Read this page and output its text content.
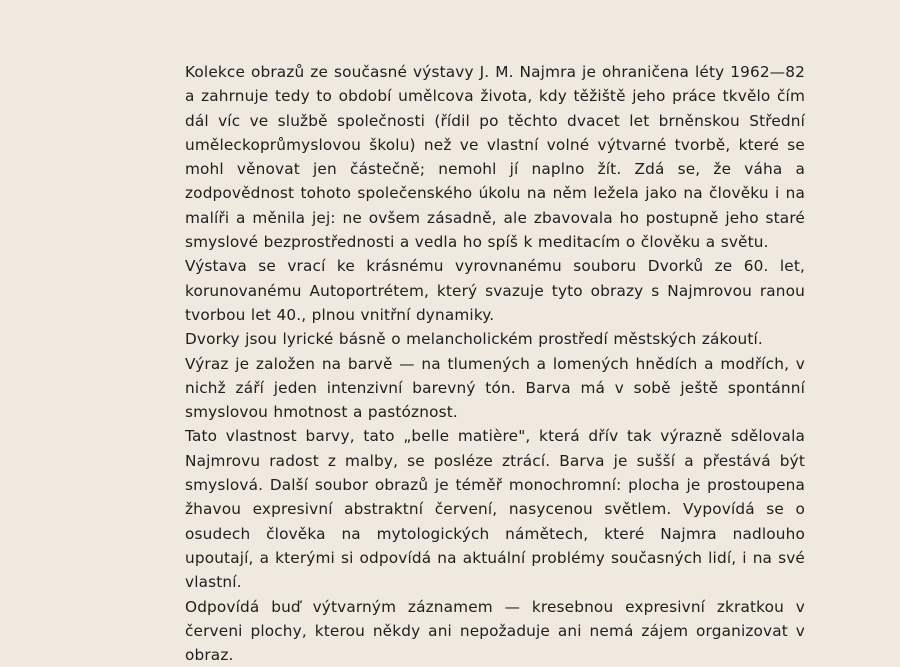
Kolekce obrazů ze současné výstavy J. M. Najmra je ohraničena léty 1962—82 a zahrnuje tedy to období umělcova života, kdy těžiště jeho práce tkvělo čím dál víc ve službě společnosti (řídil po těchto dvacet let brněnskou Střední uměleckoprůmyslovou školu) než ve vlastní volné výtvarné tvorbě, které se mohl věnovat jen částečně; nemohl jí naplno žít. Zdá se, že váha a zodpovědnost tohoto společenského úkolu na něm ležela jako na člověku i na malíři a měnila jej: ne ovšem zásadně, ale zbavovala ho postupně jeho staré smyslové bezprostřednosti a vedla ho spíš k meditacím o člověku a světu.

Výstava se vrací ke krásnému vyrovnanému souboru Dvorků ze 60. let, korunovanému Autoportrétem, který svazuje tyto obrazy s Najmrovou ranou tvorbou let 40., plnou vnitřní dynamiky.

Dvorky jsou lyrické básně o melancholickém prostředí městských zákoutí.

Výraz je založen na barvě — na tlumených a lomených hnědích a modřích, v nichž září jeden intenzivní barevný tón. Barva má v sobě ještě spontánní smyslovou hmotnost a pastóznost.

Tato vlastnost barvy, tato „belle matière", která dřív tak výrazně sdělovala Najmrovu radost z malby, se posléze ztrácí. Barva je sušší a přestává být smyslová. Další soubor obrazů je téměř monochromní: plocha je prostoupena žhavou expresivní abstraktní červení, nasycenou světlem. Vypovídá se o osudech člověka na mytologických námětech, které Najmra nadlouho upoutají, a kterými si odpovídá na aktuální problémy současných lidí, i na své vlastní.

Odpovídá buď výtvarným záznamem — kresebnou expresivní zkratkou v červeni plochy, kterou někdy ani nepožaduje ani nemá zájem organizovat v obraz.
